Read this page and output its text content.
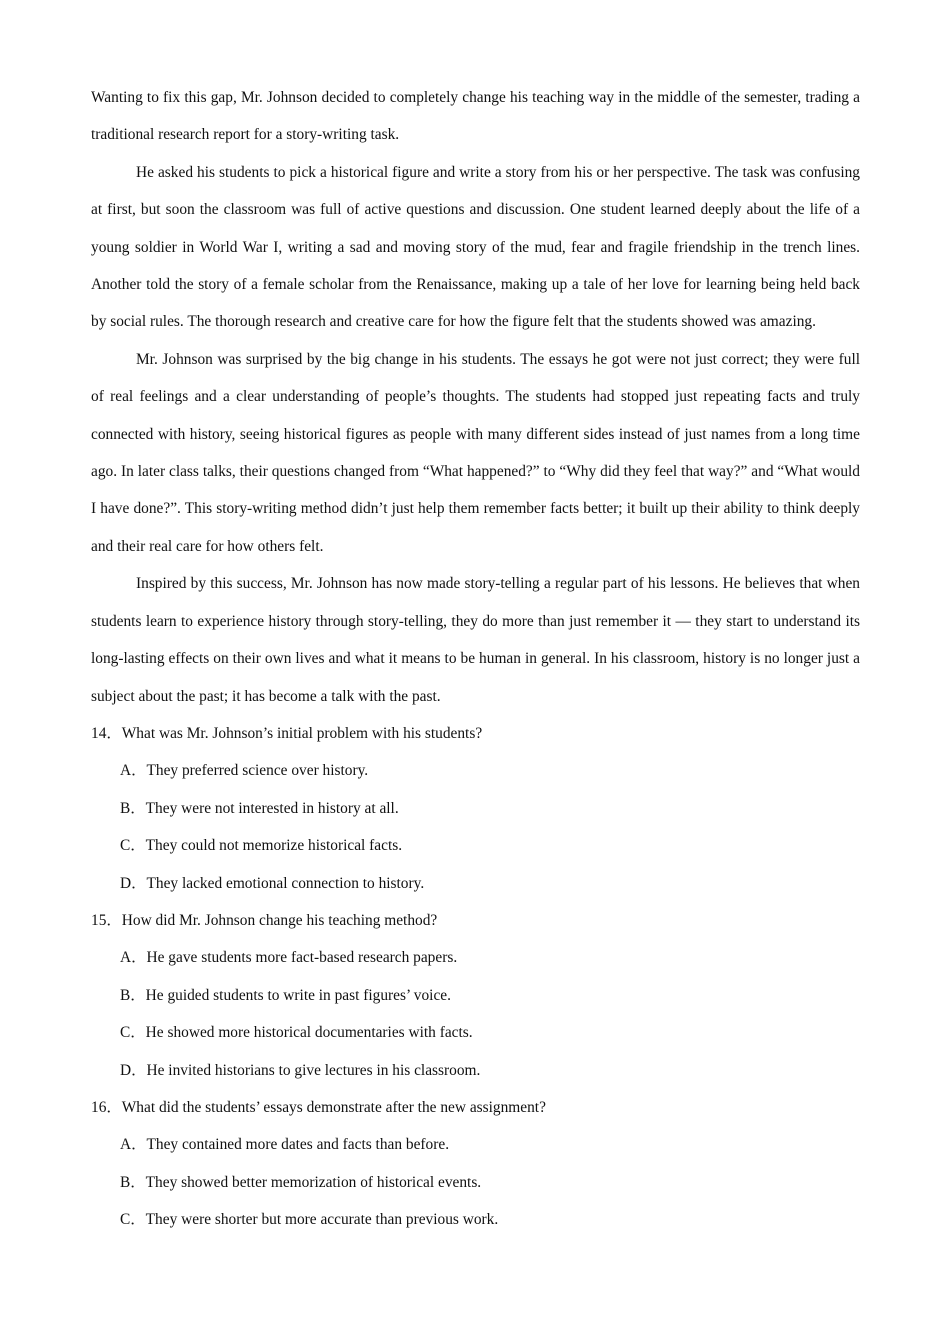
Wanting to fix this gap, Mr. Johnson decided to completely change his teaching way in the middle of the semester, trading a traditional research report for a story-writing task.

He asked his students to pick a historical figure and write a story from his or her perspective. The task was confusing at first, but soon the classroom was full of active questions and discussion. One student learned deeply about the life of a young soldier in World War I, writing a sad and moving story of the mud, fear and fragile friendship in the trench lines. Another told the story of a female scholar from the Renaissance, making up a tale of her love for learning being held back by social rules. The thorough research and creative care for how the figure felt that the students showed was amazing.

Mr. Johnson was surprised by the big change in his students. The essays he got were not just correct; they were full of real feelings and a clear understanding of people’s thoughts. The students had stopped just repeating facts and truly connected with history, seeing historical figures as people with many different sides instead of just names from a long time ago. In later class talks, their questions changed from “What happened?” to “Why did they feel that way?” and “What would I have done?”. This story-writing method didn’t just help them remember facts better; it built up their ability to think deeply and their real care for how others felt.

Inspired by this success, Mr. Johnson has now made story-telling a regular part of his lessons. He believes that when students learn to experience history through story-telling, they do more than just remember it — they start to understand its long-lasting effects on their own lives and what it means to be human in general. In his classroom, history is no longer just a subject about the past; it has become a talk with the past.

14．What was Mr. Johnson’s initial problem with his students?

A．They preferred science over history.

B．They were not interested in history at all.

C．They could not memorize historical facts.

D．They lacked emotional connection to history.

15．How did Mr. Johnson change his teaching method?

A．He gave students more fact-based research papers.

B．He guided students to write in past figures’ voice.

C．He showed more historical documentaries with facts.

D．He invited historians to give lectures in his classroom.

16．What did the students’ essays demonstrate after the new assignment?

A．They contained more dates and facts than before.

B．They showed better memorization of historical events.

C．They were shorter but more accurate than previous work.
